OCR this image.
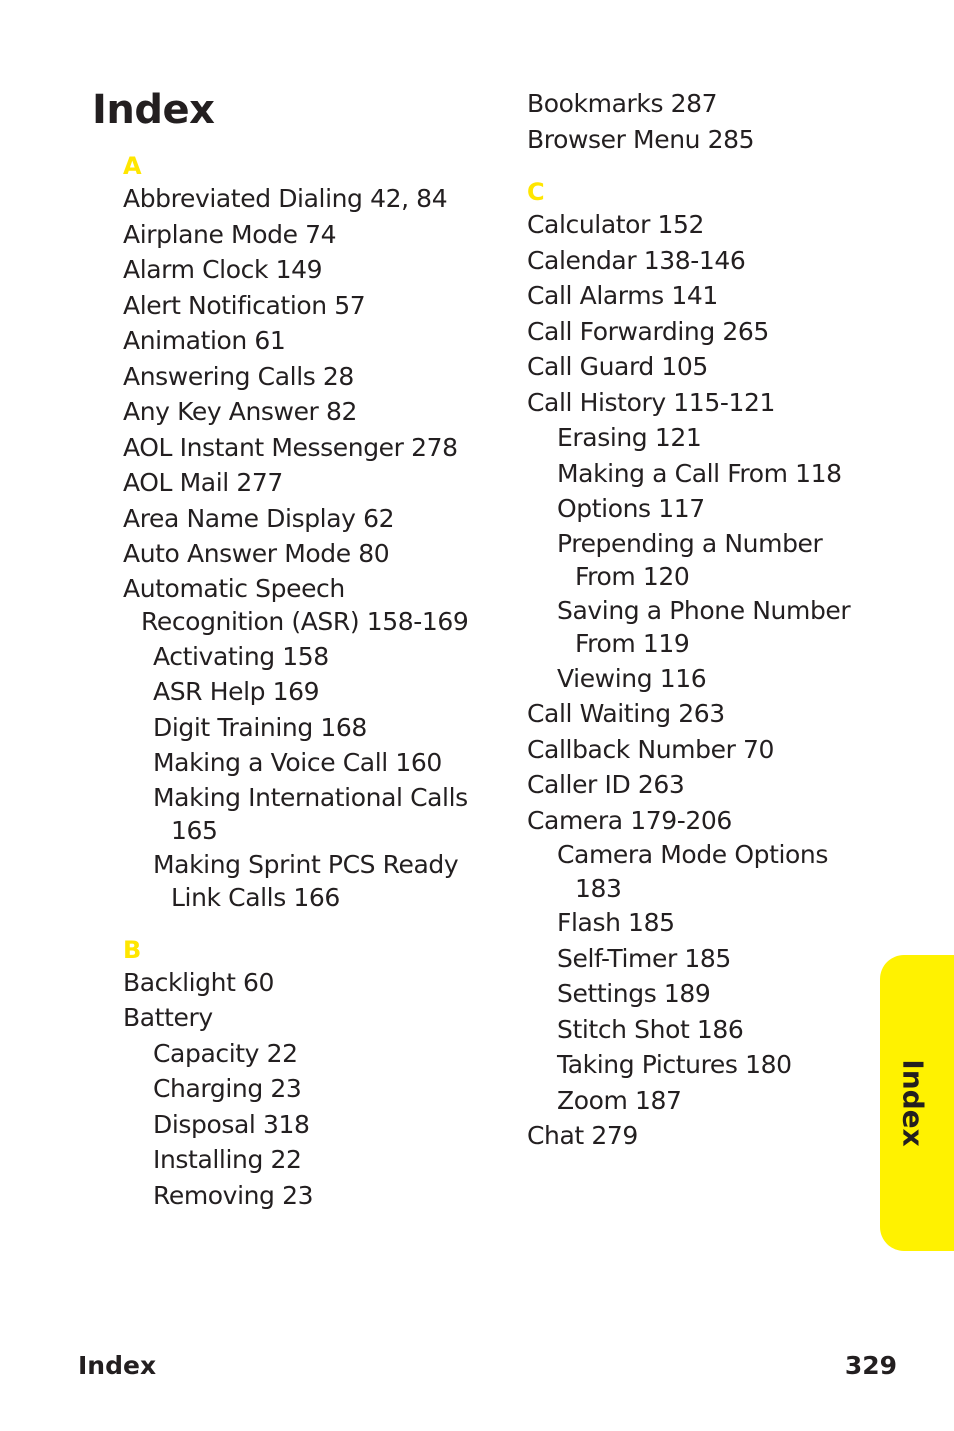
Index
A
Abbreviated Dialing 42, 84
Airplane Mode 74
Alarm Clock 149
Alert Notification 57
Animation 61
Answering Calls 28
Any Key Answer 82
AOL Instant Messenger 278
AOL Mail 277
Area Name Display 62
Auto Answer Mode 80
Automatic Speech
Recognition (ASR) 158-169
Activating 158
ASR Help 169
Digit Training 168
Making a Voice Call 160
Making International Calls
165
Making Sprint PCS Ready
Link Calls 166
B
Backlight 60
Battery
Capacity 22
Charging 23
Disposal 318
Installing 22
Removing 23
Bookmarks 287
Browser Menu 285
C
Calculator 152
Calendar 138-146
Call Alarms 141
Call Forwarding 265
Call Guard 105
Call History 115-121
Erasing 121
Making a Call From 118
Options 117
Prepending a Number
From 120
Saving a Phone Number
From 119
Viewing 116
Call Waiting 263
Callback Number 70
Caller ID 263
Camera 179-206
Camera Mode Options
183
Flash 185
Self-Timer 185
Settings 189
Stitch Shot 186
Taking Pictures 180
Zoom 187
Chat 279	Index
Index	329
